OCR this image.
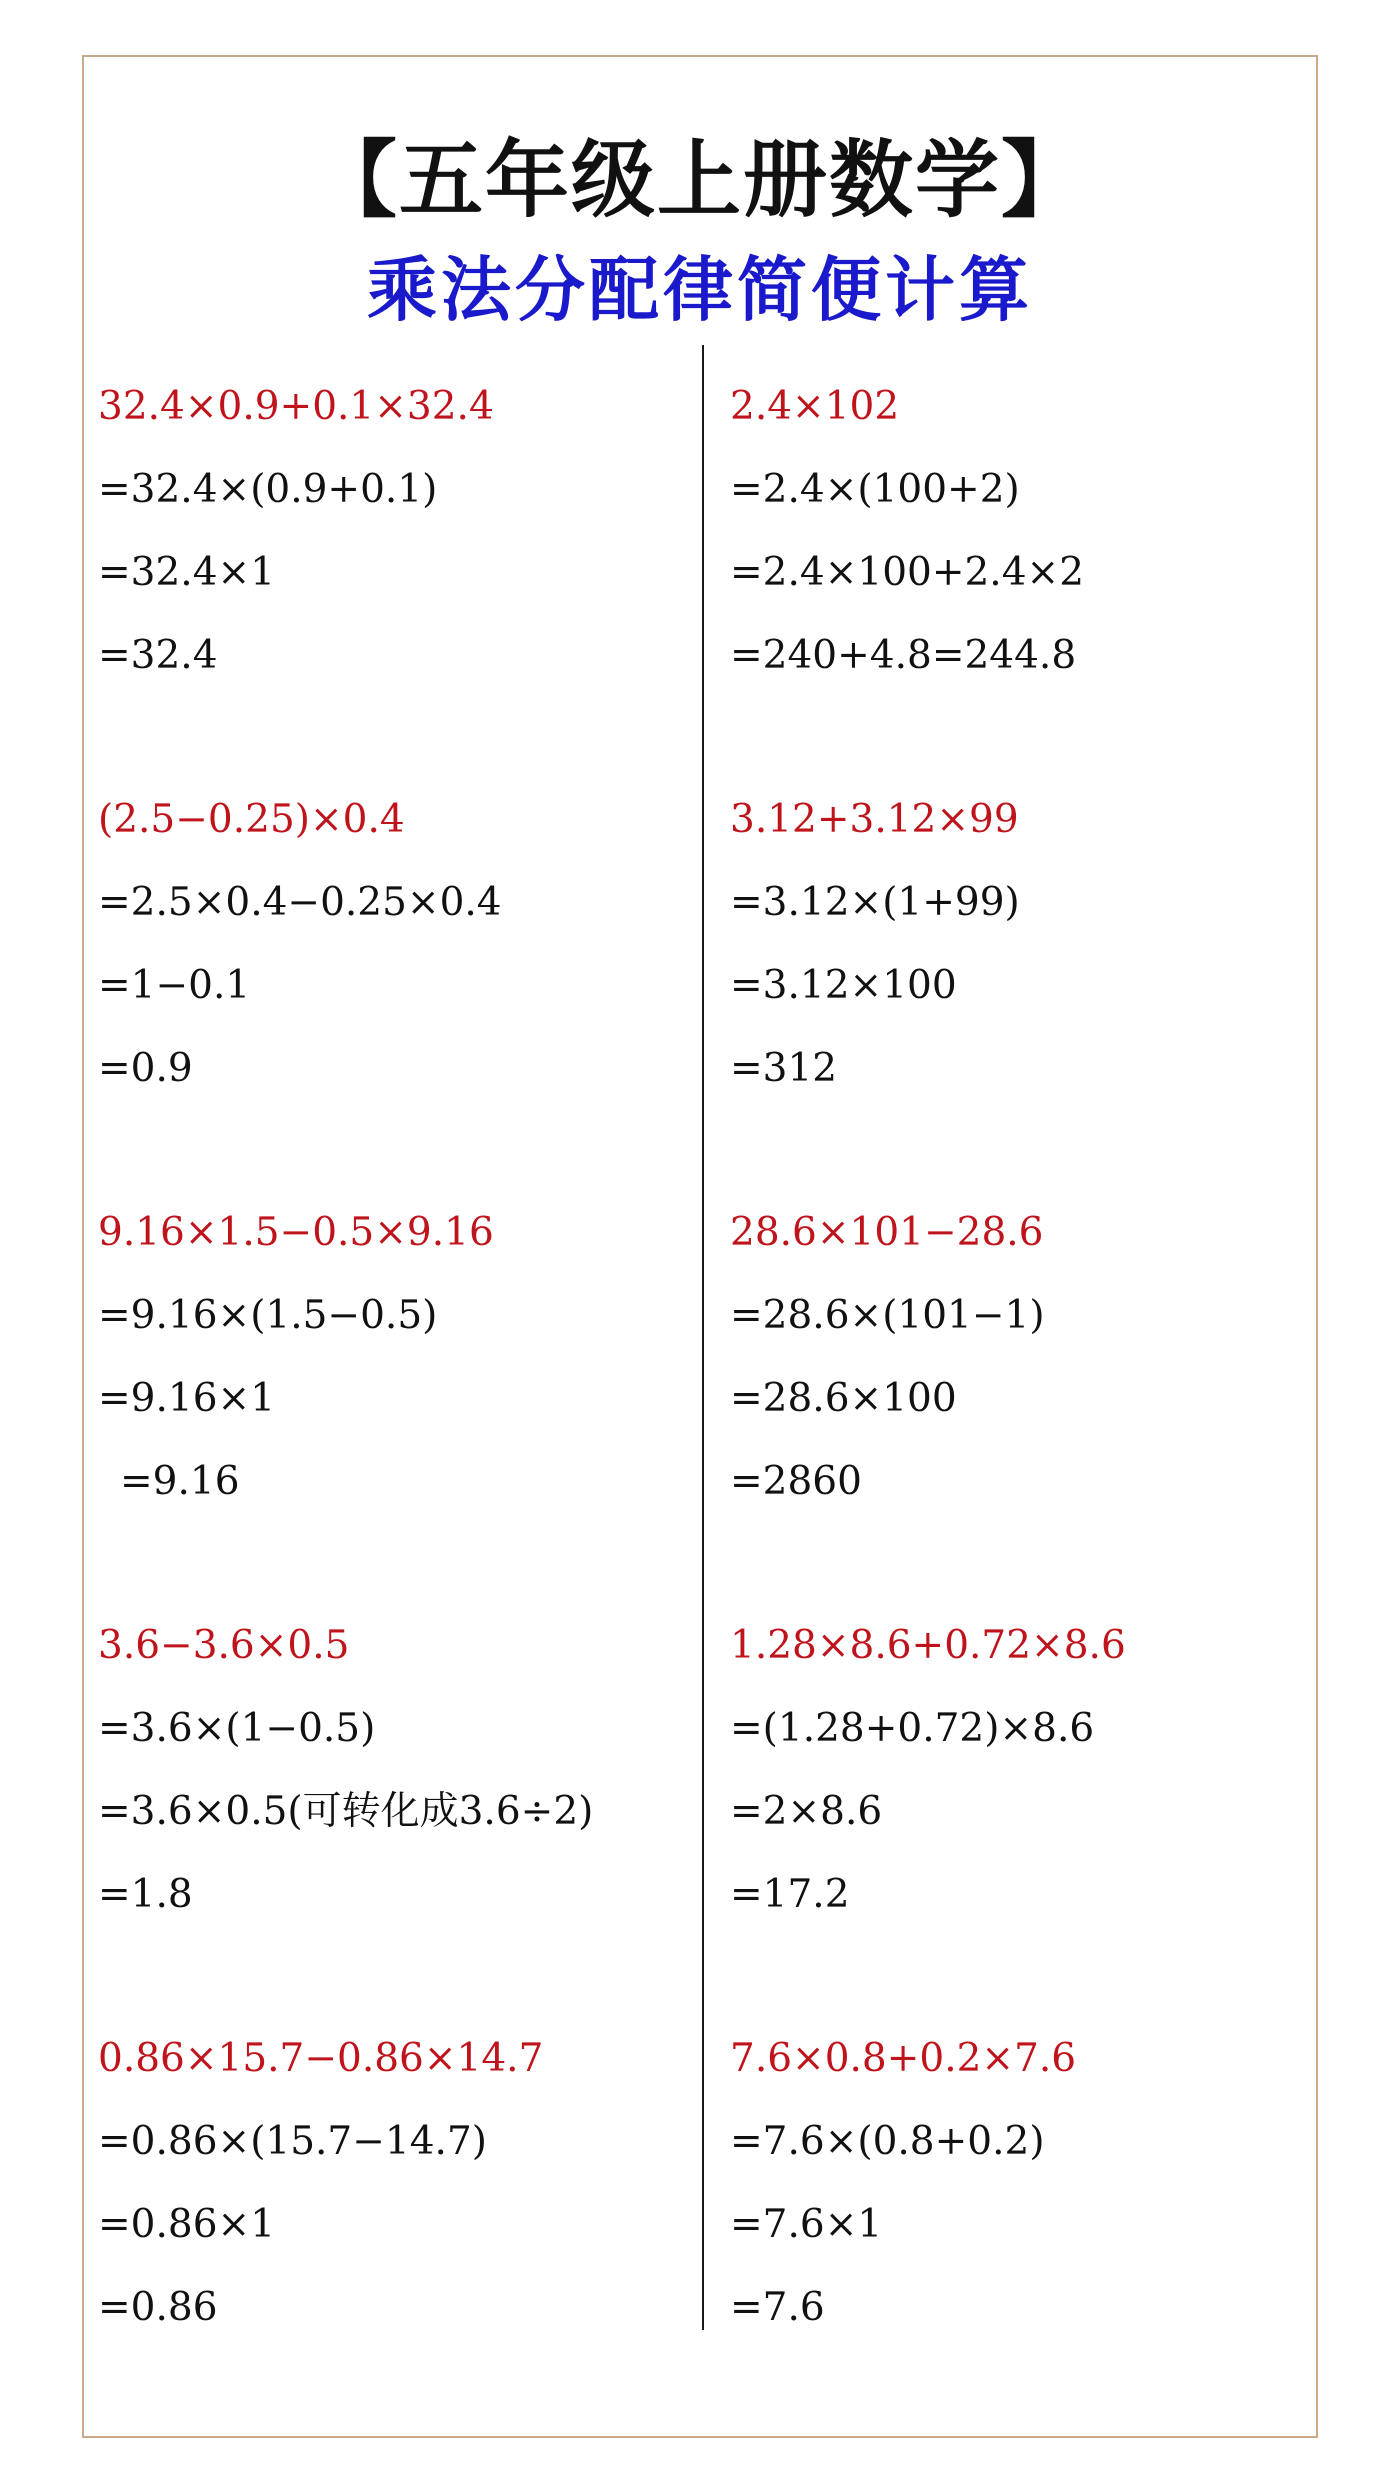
【五年级上册数学】
乘法分配律简便计算
32.4×0.9+0.1×32.4
=32.4×(0.9+0.1)
=32.4×1
=32.4
(2.5−0.25)×0.4
=2.5×0.4−0.25×0.4
=1−0.1
=0.9
9.16×1.5−0.5×9.16
=9.16×(1.5−0.5)
=9.16×1
=9.16
3.6−3.6×0.5
=3.6×(1−0.5)
=3.6×0.5(可转化成3.6÷2)
=1.8
0.86×15.7−0.86×14.7
=0.86×(15.7−14.7)
=0.86×1
=0.86
2.4×102
=2.4×(100+2)
=2.4×100+2.4×2
=240+4.8=244.8
3.12+3.12×99
=3.12×(1+99)
=3.12×100
=312
28.6×101−28.6
=28.6×(101−1)
=28.6×100
=2860
1.28×8.6+0.72×8.6
=(1.28+0.72)×8.6
=2×8.6
=17.2
7.6×0.8+0.2×7.6
=7.6×(0.8+0.2)
=7.6×1
=7.6
